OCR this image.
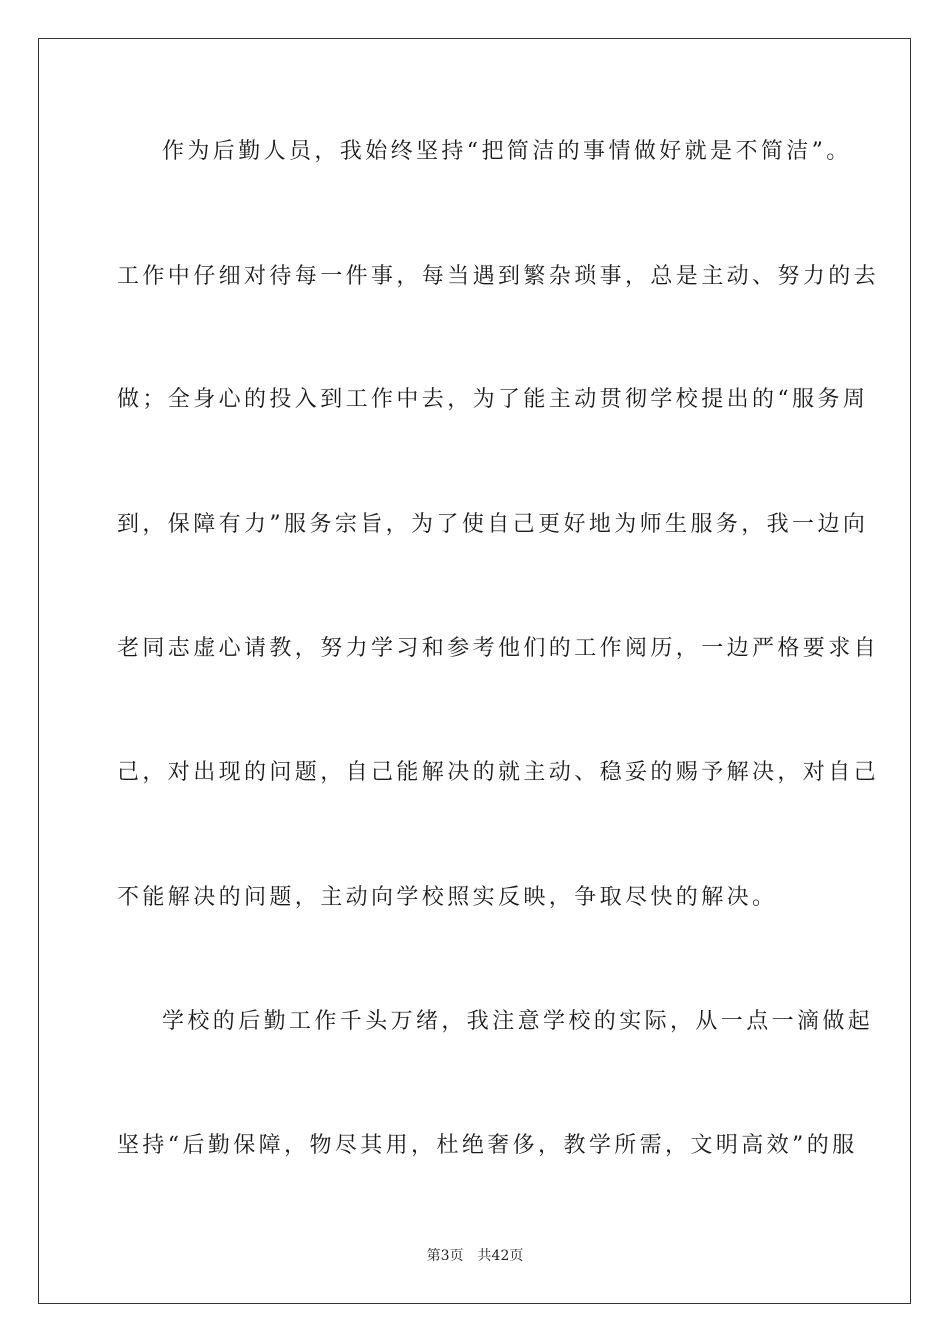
作为后勤人员，我始终坚持“把简洁的事情做好就是不简洁”。
工作中仔细对待每一件事，每当遇到繁杂琐事，总是主动、努力的去
做；全身心的投入到工作中去，为了能主动贯彻学校提出的“服务周
到，保障有力”服务宗旨，为了使自己更好地为师生服务，我一边向
老同志虚心请教，努力学习和参考他们的工作阅历，一边严格要求自
己，对出现的问题，自己能解决的就主动、稳妥的赐予解决，对自己
不能解决的问题，主动向学校照实反映，争取尽快的解决。
学校的后勤工作千头万绪，我注意学校的实际，从一点一滴做起
坚持“后勤保障，物尽其用，杜绝奢侈，教学所需，文明高效”的服
第3页 共42页
